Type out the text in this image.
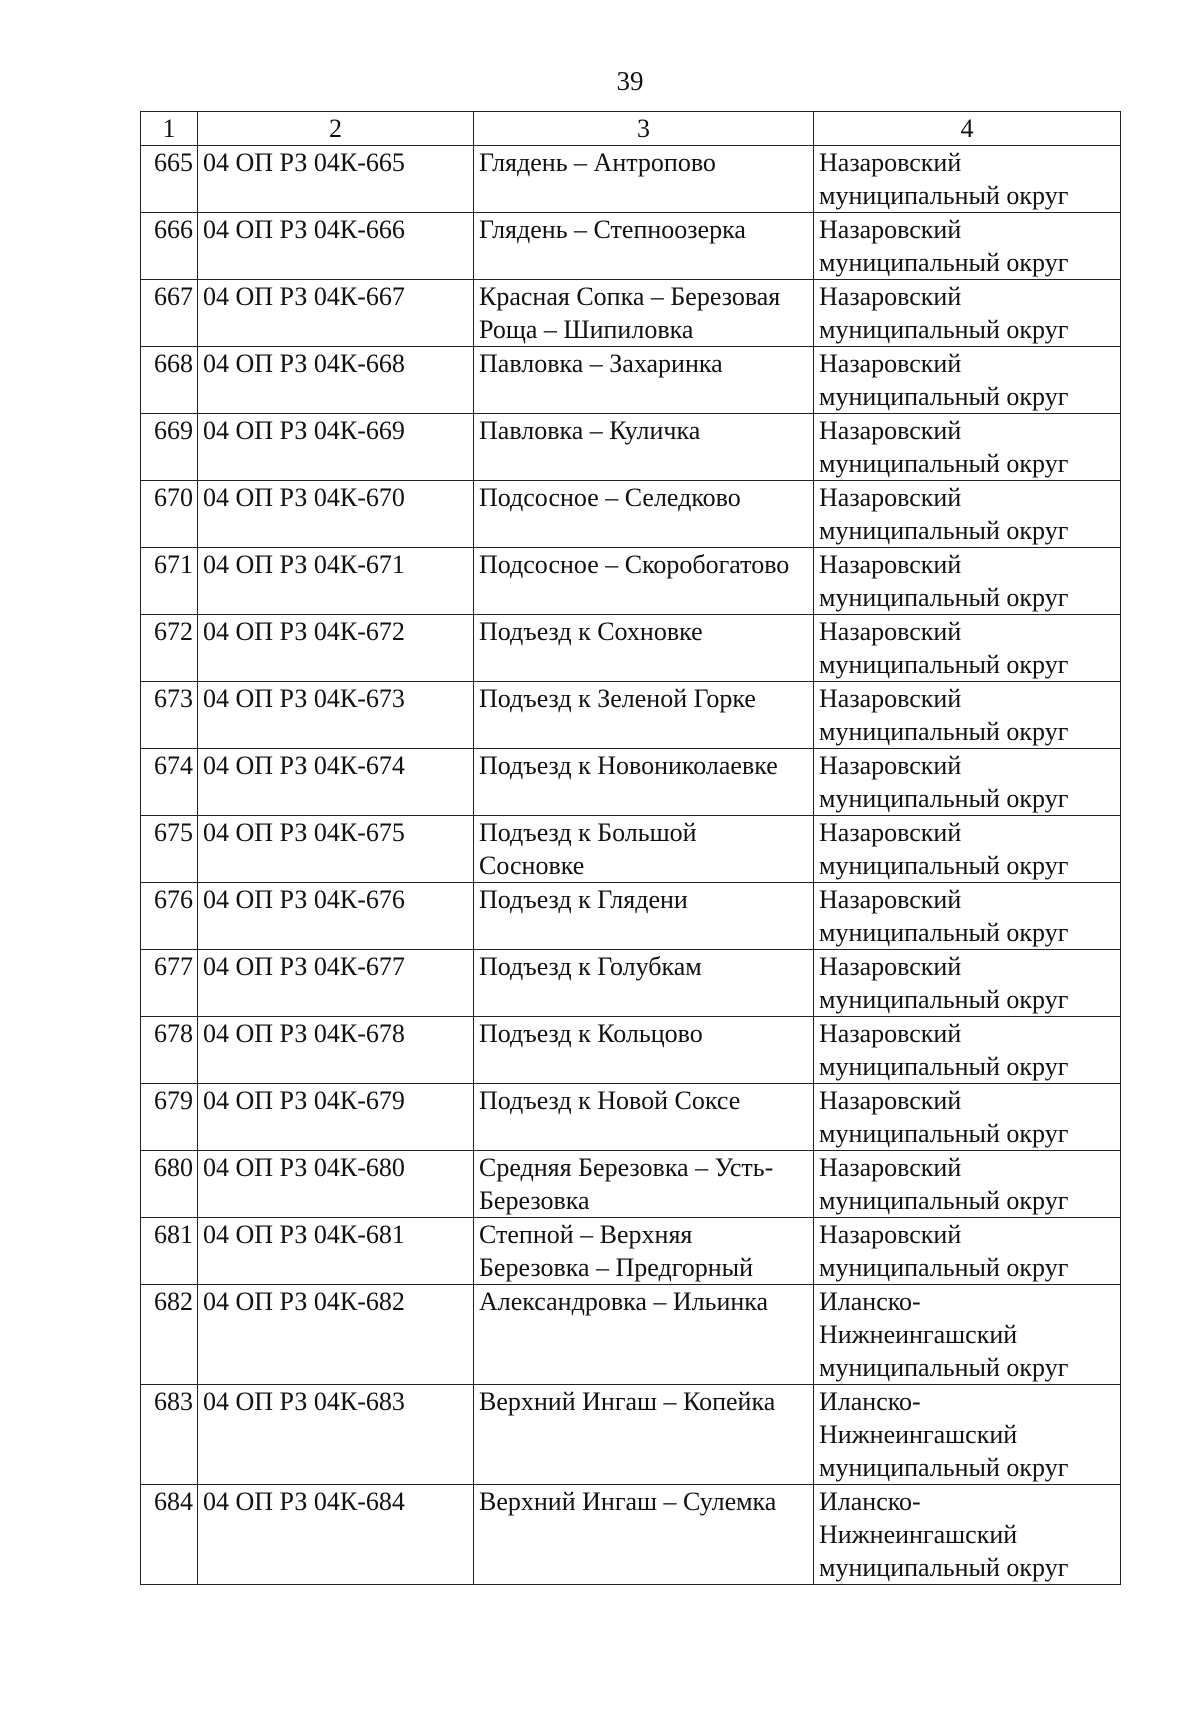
39
1	2	3	4
665	04 ОП РЗ 04К-665	Глядень – Антропово	Назаровский
муниципальный округ
666	04 ОП РЗ 04К-666	Глядень – Степноозерка	Назаровский
муниципальный округ
667	04 ОП РЗ 04К-667	Красная Сопка – Березовая
Роща – Шипиловка	Назаровский
муниципальный округ
668	04 ОП РЗ 04К-668	Павловка – Захаринка	Назаровский
муниципальный округ
669	04 ОП РЗ 04К-669	Павловка – Куличка	Назаровский
муниципальный округ
670	04 ОП РЗ 04К-670	Подсосное – Селедково	Назаровский
муниципальный округ
671	04 ОП РЗ 04К-671	Подсосное – Скоробогатово	Назаровский
муниципальный округ
672	04 ОП РЗ 04К-672	Подъезд к Сохновке	Назаровский
муниципальный округ
673	04 ОП РЗ 04К-673	Подъезд к Зеленой Горке	Назаровский
муниципальный округ
674	04 ОП РЗ 04К-674	Подъезд к Новониколаевке	Назаровский
муниципальный округ
675	04 ОП РЗ 04К-675	Подъезд к Большой
Сосновке	Назаровский
муниципальный округ
676	04 ОП РЗ 04К-676	Подъезд к Глядени	Назаровский
муниципальный округ
677	04 ОП РЗ 04К-677	Подъезд к Голубкам	Назаровский
муниципальный округ
678	04 ОП РЗ 04К-678	Подъезд к Кольцово	Назаровский
муниципальный округ
679	04 ОП РЗ 04К-679	Подъезд к Новой Соксе	Назаровский
муниципальный округ
680	04 ОП РЗ 04К-680	Средняя Березовка – Усть-
Березовка	Назаровский
муниципальный округ
681	04 ОП РЗ 04К-681	Степной – Верхняя
Березовка – Предгорный	Назаровский
муниципальный округ
682	04 ОП РЗ 04К-682	Александровка – Ильинка	Иланско-
Нижнеингашский
муниципальный округ
683	04 ОП РЗ 04К-683	Верхний Ингаш – Копейка	Иланско-
Нижнеингашский
муниципальный округ
684	04 ОП РЗ 04К-684	Верхний Ингаш – Сулемка	Иланско-
Нижнеингашский
муниципальный округ
